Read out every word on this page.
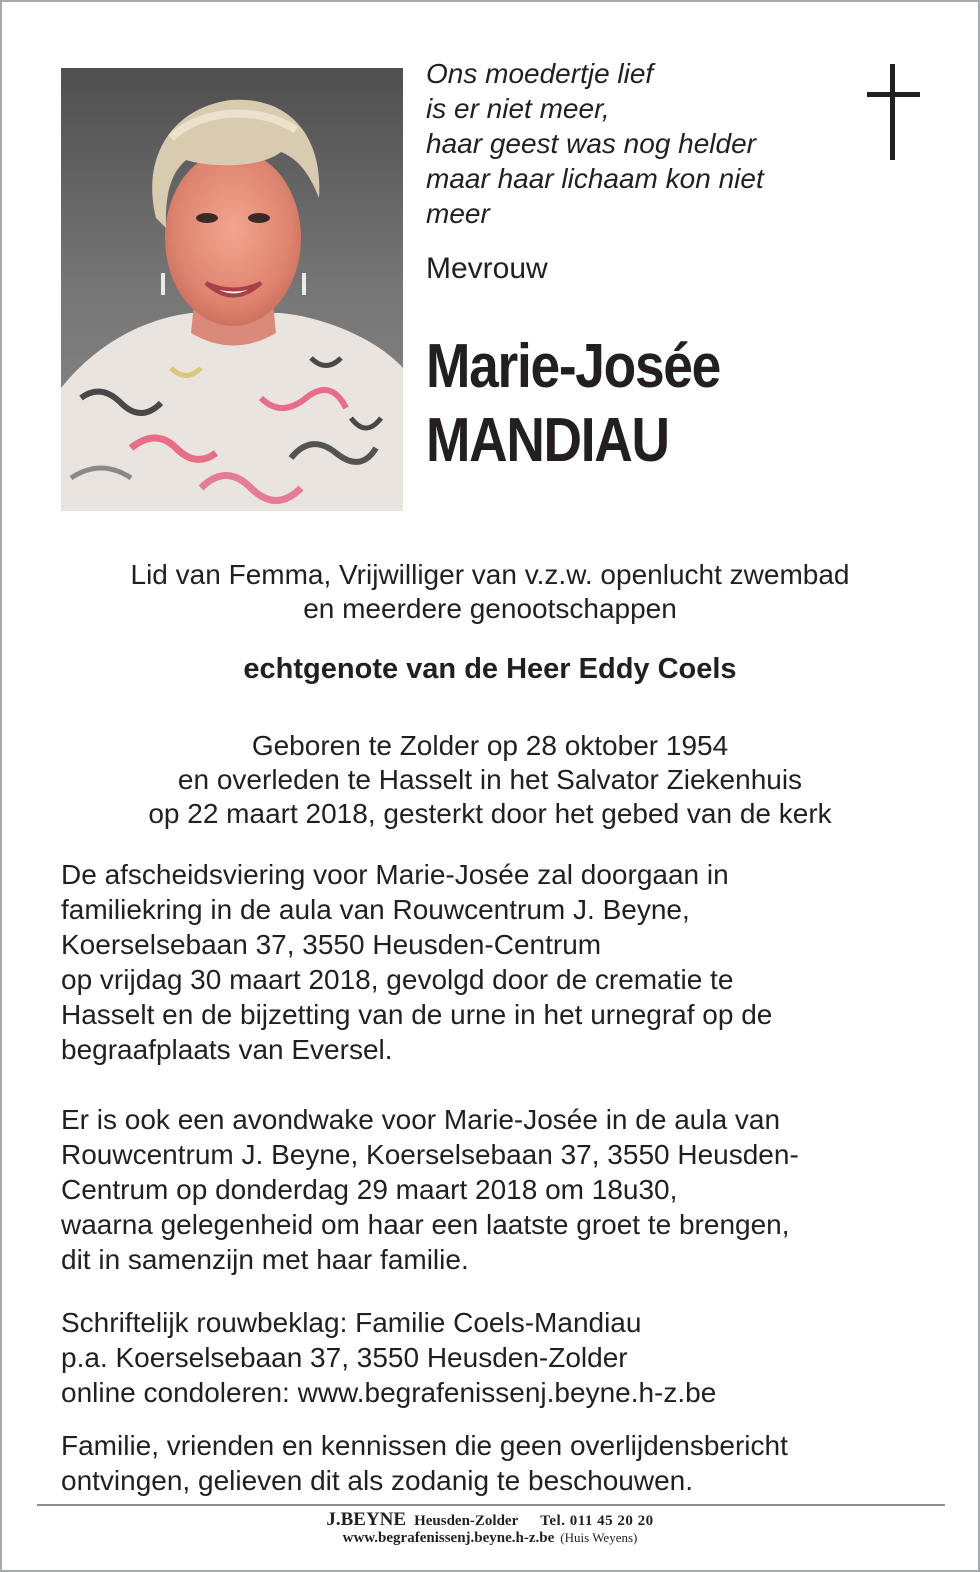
Ons moedertje lief
is er niet meer,
haar geest was nog helder
maar haar lichaam kon niet
meer
Mevrouw
Marie-Josée
MANDIAU
Lid van Femma, Vrijwilliger van v.z.w. openlucht zwembad
en meerdere genootschappen
echtgenote van de Heer Eddy Coels
Geboren te Zolder op 28 oktober 1954
en overleden te Hasselt in het Salvator Ziekenhuis
op 22 maart 2018, gesterkt door het gebed van de kerk
De afscheidsviering voor Marie-Josée zal doorgaan in
familiekring in de aula van Rouwcentrum J. Beyne,
Koerselsebaan 37, 3550 Heusden-Centrum
op vrijdag 30 maart 2018, gevolgd door de crematie te
Hasselt en de bijzetting van de urne in het urnegraf op de
begraafplaats van Eversel.
Er is ook een avondwake voor Marie-Josée in de aula van
Rouwcentrum J. Beyne, Koerselsebaan 37, 3550 Heusden-
Centrum op donderdag 29 maart 2018 om 18u30,
waarna gelegenheid om haar een laatste groet te brengen,
dit in samenzijn met haar familie.
Schriftelijk rouwbeklag: Familie Coels-Mandiau
p.a. Koerselsebaan 37, 3550 Heusden-Zolder
online condoleren: www.begrafenissenj.beyne.h-z.be
Familie, vrienden en kennissen die geen overlijdensbericht
ontvingen, gelieven dit als zodanig te beschouwen.
J.BEYNE Heusden-Zolder Tel. 011 45 20 20
www.begrafenissenj.beyne.h-z.be (Huis Weyens)
